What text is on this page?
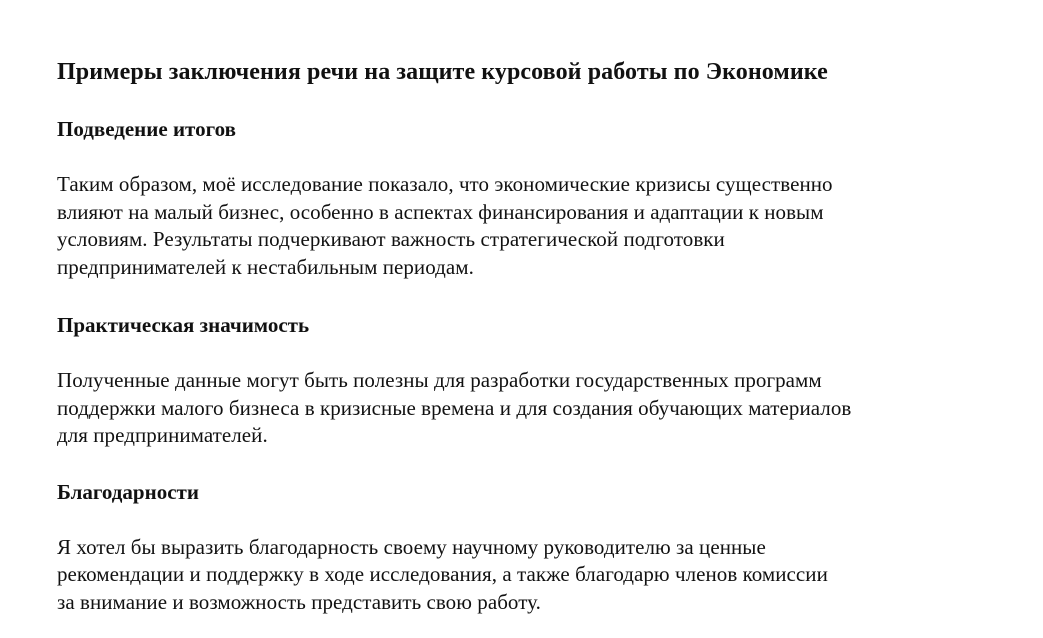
Примеры заключения речи на защите курсовой работы по Экономике
Подведение итогов
Таким образом, моё исследование показало, что экономические кризисы существенно
влияют на малый бизнес, особенно в аспектах финансирования и адаптации к новым
условиям. Результаты подчеркивают важность стратегической подготовки
предпринимателей к нестабильным периодам.
Практическая значимость
Полученные данные могут быть полезны для разработки государственных программ
поддержки малого бизнеса в кризисные времена и для создания обучающих материалов
для предпринимателей.
Благодарности
Я хотел бы выразить благодарность своему научному руководителю за ценные
рекомендации и поддержку в ходе исследования, а также благодарю членов комиссии
за внимание и возможность представить свою работу.
